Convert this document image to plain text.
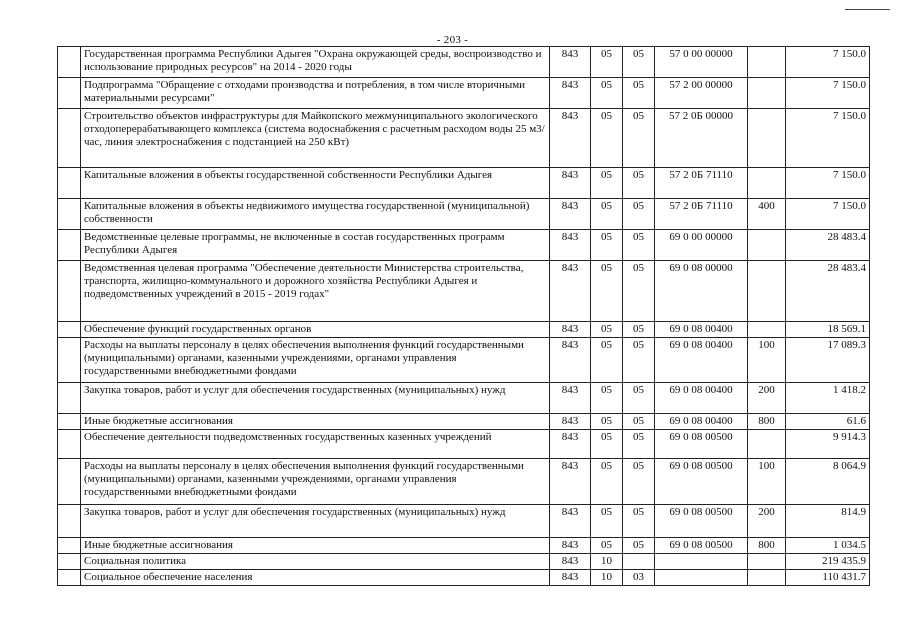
- 203 -
	Государственная программа Республики Адыгея "Охрана окружающей среды, воспроизводство и использование природных ресурсов" на 2014 - 2020 годы	843	05	05	57 0 00 00000		7 150.0
	Подпрограмма "Обращение с отходами производства и потребления, в том числе вторичными материальными ресурсами"	843	05	05	57 2 00 00000		7 150.0
	Строительство объектов инфраструктуры для Майкопского межмуниципального экологического отходоперерабатывающего комплекса (система водоснабжения с расчетным расходом воды 25 м3/час, линия электроснабжения с подстанцией на 250 кВт)	843	05	05	57 2 0Б 00000		7 150.0
	Капитальные вложения в объекты государственной собственности Республики Адыгея	843	05	05	57 2 0Б 71110		7 150.0
	Капитальные вложения в объекты недвижимого имущества государственной (муниципальной) собственности	843	05	05	57 2 0Б 71110	400	7 150.0
	Ведомственные целевые программы, не включенные в состав государственных программ Республики Адыгея	843	05	05	69 0 00 00000		28 483.4
	Ведомственная целевая программа "Обеспечение деятельности Министерства строительства, транспорта, жилищно-коммунального и дорожного хозяйства Республики Адыгея и подведомственных учреждений в 2015 - 2019 годах"	843	05	05	69 0 08 00000		28 483.4
	Обеспечение функций государственных органов	843	05	05	69 0 08 00400		18 569.1
	Расходы на выплаты персоналу в целях обеспечения выполнения функций государственными (муниципальными) органами, казенными учреждениями, органами управления государственными внебюджетными фондами	843	05	05	69 0 08 00400	100	17 089.3
	Закупка товаров, работ и услуг для обеспечения государственных (муниципальных) нужд	843	05	05	69 0 08 00400	200	1 418.2
	Иные бюджетные ассигнования	843	05	05	69 0 08 00400	800	61.6
	Обеспечение деятельности подведомственных государственных казенных учреждений	843	05	05	69 0 08 00500		9 914.3
	Расходы на выплаты персоналу в целях обеспечения выполнения функций государственными (муниципальными) органами, казенными учреждениями, органами управления государственными внебюджетными фондами	843	05	05	69 0 08 00500	100	8 064.9
	Закупка товаров, работ и услуг для обеспечения государственных (муниципальных) нужд	843	05	05	69 0 08 00500	200	814.9
	Иные бюджетные ассигнования	843	05	05	69 0 08 00500	800	1 034.5
	Социальная политика	843	10				219 435.9
	Социальное обеспечение населения	843	10	03			110 431.7
